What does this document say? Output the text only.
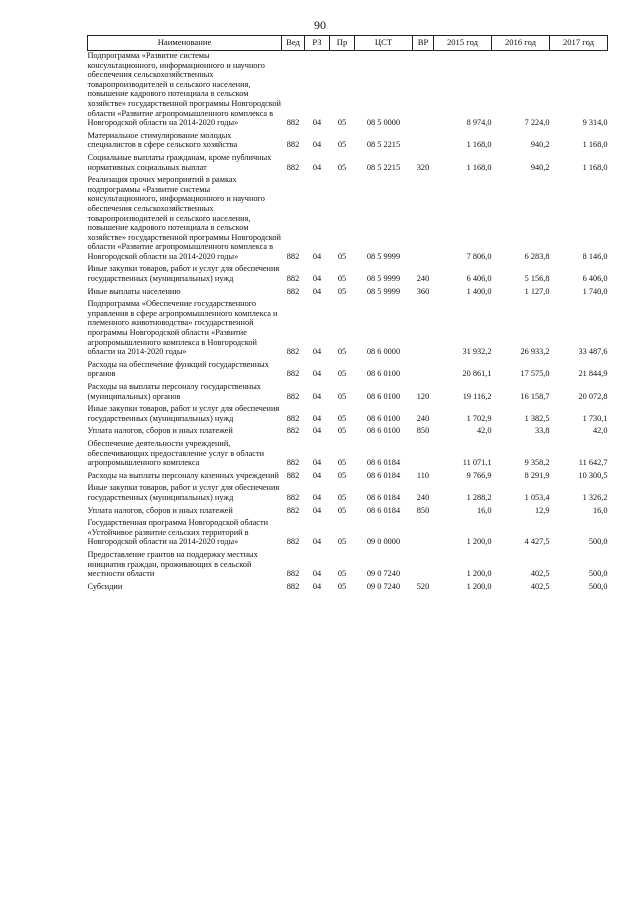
90
Наименование	Вед	РЗ	Пр	ЦСТ	ВР	2015 год	2016 год	2017 год
Подпрограмма «Развитие системы консультационного, информационного и научного обеспечения сельскохозяйственных товаропроизводителей и сельского населения, повышение кадрового потенциала в сельском хозяйстве» государственной программы Новгородской области «Развитие агропромышленного комплекса в Новгородской области на 2014-2020 годы»	882	04	05	08 5 0000		8 974,0	7 224,0	9 314,0

Материальное стимулирование молодых специалистов в сфере сельского хозяйства	882	04	05	08 5 2215		1 168,0	940,2	1 168,0

Социальные выплаты гражданам, кроме публичных нормативных социальных выплат	882	04	05	08 5 2215	320	1 168,0	940,2	1 168,0

Реализация прочих мероприятий в рамках подпрограммы «Развитие системы консультационного, информационного и научного обеспечения сельскохозяйственных товаропроизводителей и сельского населения, повышение кадрового потенциала в сельском хозяйстве» государственной программы Новгородской области «Развитие агропромышленного комплекса в Новгородской области на 2014-2020 годы»	882	04	05	08 5 9999		7 806,0	6 283,8	8 146,0

Иные закупки товаров, работ и услуг для обеспечения государственных (муниципальных) нужд	882	04	05	08 5 9999	240	6 406,0	5 156,8	6 406,0

Иные выплаты населению	882	04	05	08 5 9999	360	1 400,0	1 127,0	1 740,0

Подпрограмма «Обеспечение государственного управления в сфере агропромышленного комплекса и племенного животноводства» государственной программы Новгородской области «Развитие агропромышленного комплекса в Новгородской области на 2014-2020 годы»	882	04	05	08 6 0000		31 932,2	26 933,2	33 487,6

Расходы на обеспечение функций государственных органов	882	04	05	08 6 0100		20 861,1	17 575,0	21 844,9

Расходы на выплаты персоналу государственных (муниципальных) органов	882	04	05	08 6 0100	120	19 116,2	16 158,7	20 072,8

Иные закупки товаров, работ и услуг для обеспечения государственных (муниципальных) нужд	882	04	05	08 6 0100	240	1 702,9	1 382,5	1 730,1

Уплата налогов, сборов и иных платежей	882	04	05	08 6 0100	850	42,0	33,8	42,0

Обеспечение деятельности учреждений, обеспечивающих предоставление услуг в области агропромышленного комплекса	882	04	05	08 6 0184		11 071,1	9 358,2	11 642,7

Расходы на выплаты персоналу казенных учреждений	882	04	05	08 6 0184	110	9 766,9	8 291,9	10 300,5

Иные закупки товаров, работ и услуг для обеспечения государственных (муниципальных) нужд	882	04	05	08 6 0184	240	1 288,2	1 053,4	1 326,2

Уплата налогов, сборов и иных платежей	882	04	05	08 6 0184	850	16,0	12,9	16,0

Государственная программа Новгородской области «Устойчивое развитие сельских территорий в Новгородской области на 2014-2020 годы»	882	04	05	09 0 0000		1 200,0	4 427,5	500,0

Предоставление грантов на поддержку местных инициатив граждан, проживающих в сельской местности области	882	04	05	09 0 7240		1 200,0	402,5	500,0

Субсидии	882	04	05	09 0 7240	520	1 200,0	402,5	500,0
